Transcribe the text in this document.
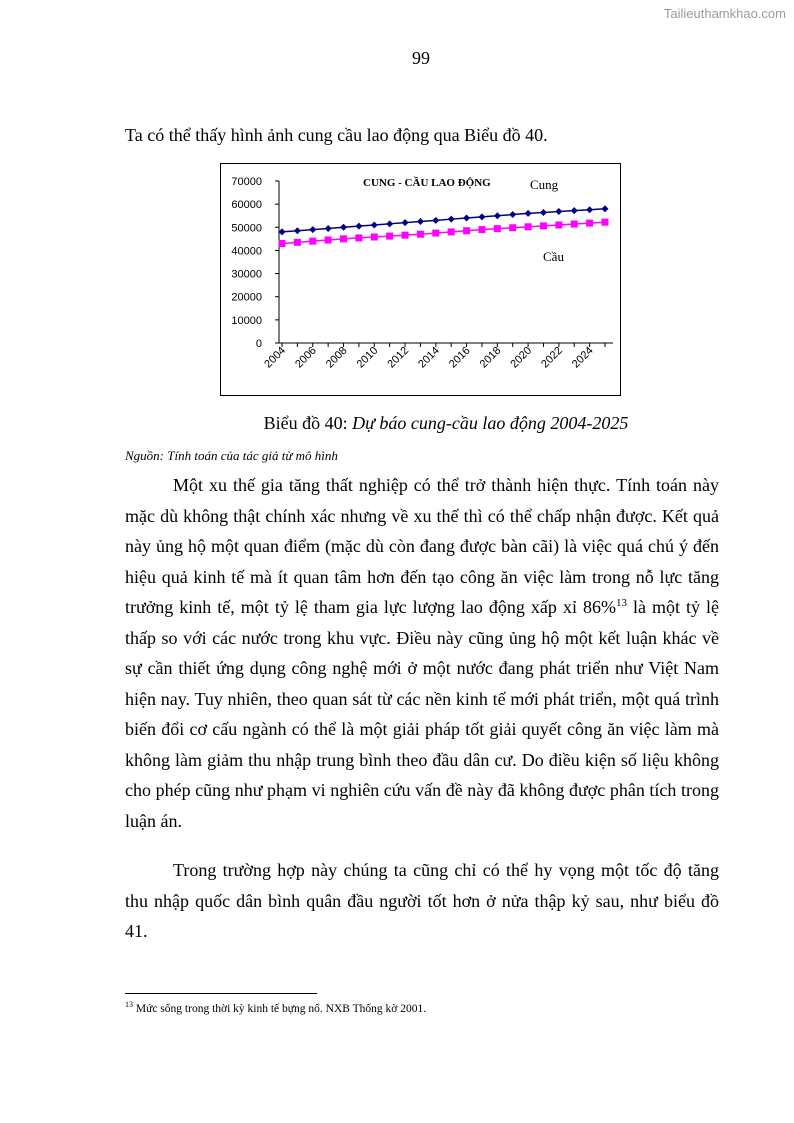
Tailieuthamkhao.com
99
Ta có thể thấy hình ảnh cung cầu lao động qua Biểu đồ 40.
0
10000
20000
30000
40000
50000
60000
70000
2004 2006 2008 2010 2012 2014 2016 2018 2020 2022 2024
CUNG - CẦU LAO ĐỘNG	Cung
Cầu
Biểu đồ 40: Dự báo cung-cầu lao động 2004-2025
Nguồn: Tính toán của tác giả từ mô hình

Một xu thế gia tăng thất nghiệp có thể trở thành hiện thực. Tính toán này mặc dù không thật chính xác nhưng về xu thế thì có thể chấp nhận được. Kết quả này ủng hộ một quan điểm (mặc dù còn đang được bàn cãi) là việc quá chú ý đến hiệu quả kinh tế mà ít quan tâm hơn đến tạo công ăn việc làm trong nỗ lực tăng trưởng kinh tế, một tỷ lệ tham gia lực lượng lao động xấp xỉ 86%$^{13}$ là một tỷ lệ thấp so với các nước trong khu vực. Điều này cũng ủng hộ một kết luận khác về sự cần thiết ứng dụng công nghệ mới ở một nước đang phát triển như Việt Nam hiện nay. Tuy nhiên, theo quan sát từ các nền kinh tế mới phát triển, một quá trình biến đổi cơ cấu ngành có thể là một giải pháp tốt giải quyết công ăn việc làm mà không làm giảm thu nhập trung bình theo đầu dân cư. Do điều kiện số liệu không cho phép cũng như phạm vi nghiên cứu vấn đề này đã không được phân tích trong luận án.

Trong trường hợp này chúng ta cũng chỉ có thể hy vọng một tốc độ tăng thu nhập quốc dân bình quân đầu người tốt hơn ở nửa thập kỷ sau, như biểu đồ 41.

$^{13}$ Mức sống trong thời kỳ kinh tế bựng nổ. NXB Thống kờ 2001.
